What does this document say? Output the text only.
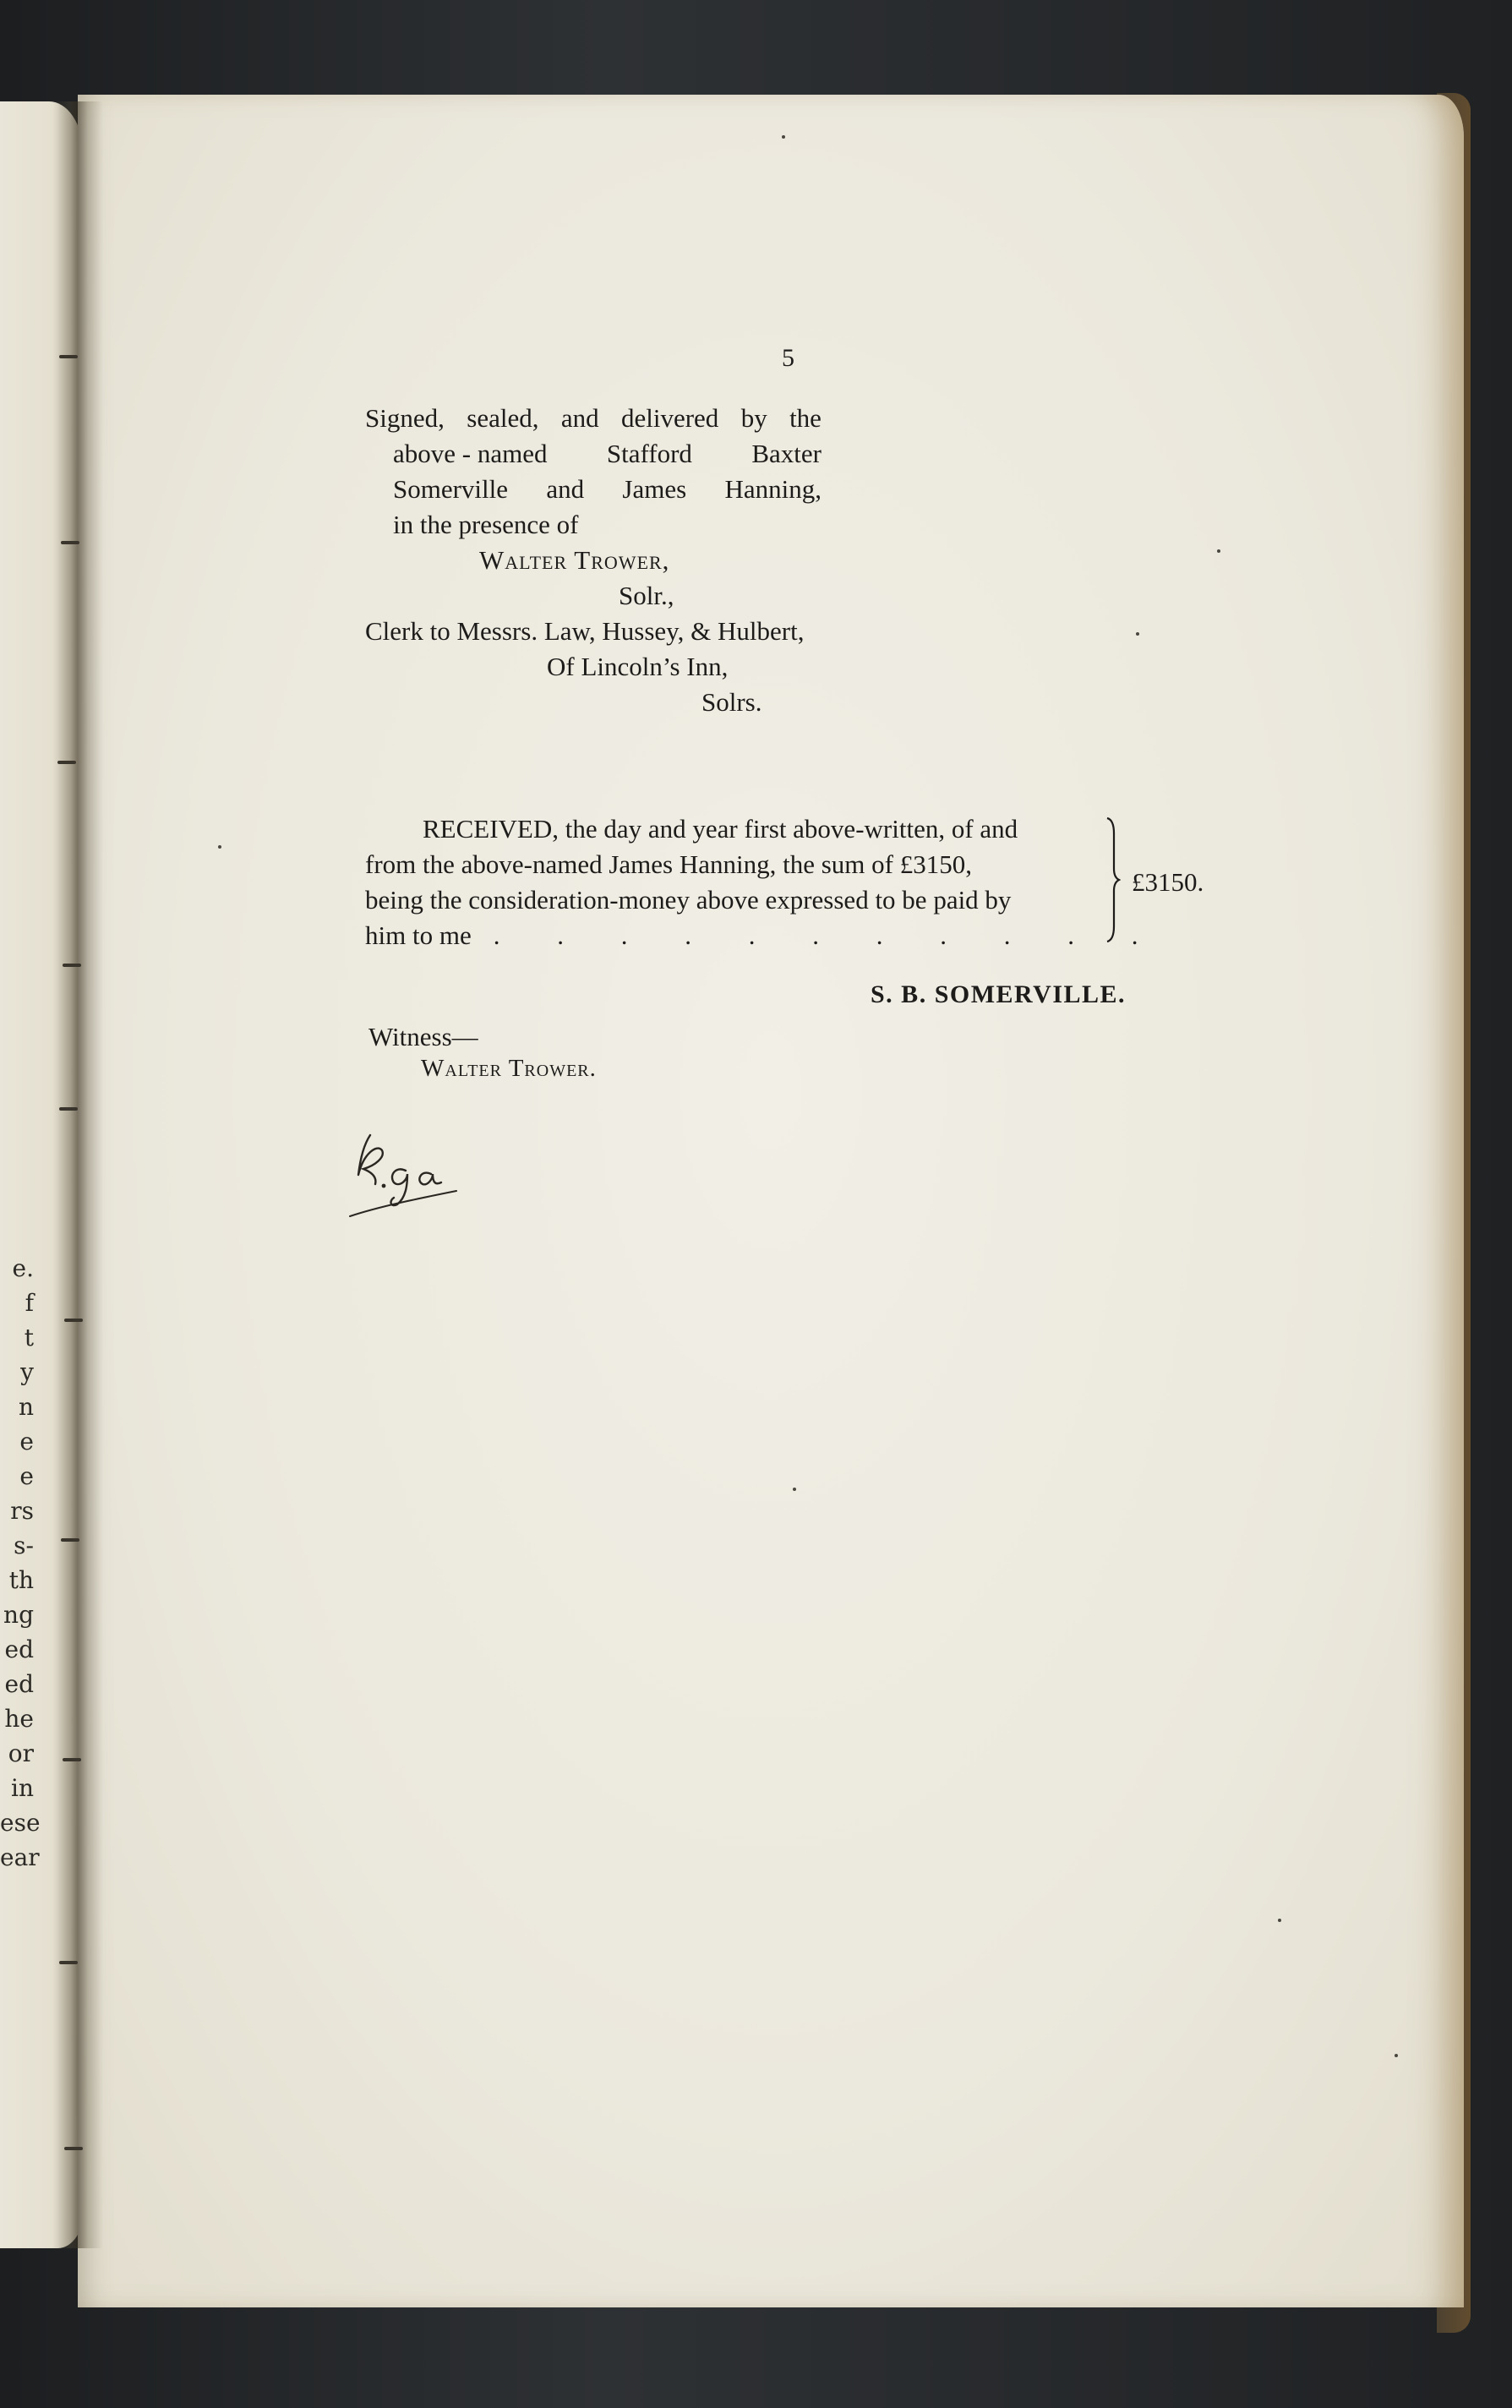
e.
f
t
y
n
e
e
rs
s-
th
ng
ed
ed
he
or
in
ese
ear
5
Signed, sealed, and delivered by the
above - named Stafford Baxter
Somerville and James Hanning,
in the presence of
Walter Trower,
Solr.,
Clerk to Messrs. Law, Hussey, & Hulbert,
Of Lincoln’s Inn,
Solrs.
RECEIVED, the day and year first above-written, of and
from the above-named James Hanning, the sum of £3150,
being the consideration-money above expressed to be paid by
him to me . . . . . . . . . . .
£3150.
S. B. SOMERVILLE.
Witness—
Walter Trower.
